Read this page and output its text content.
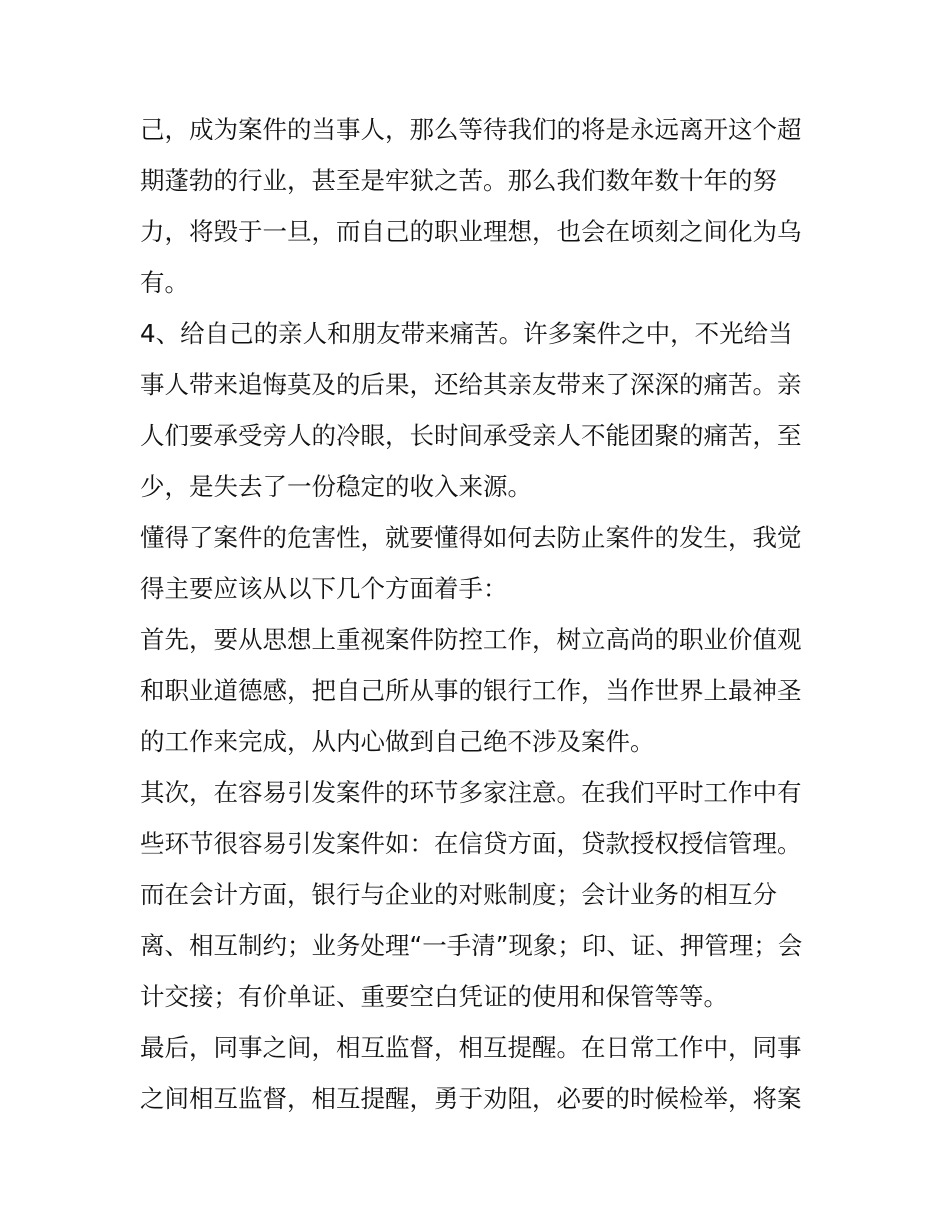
己，成为案件的当事人，那么等待我们的将是永远离开这个超
期蓬勃的行业，甚至是牢狱之苦。那么我们数年数十年的努
力，将毁于一旦，而自己的职业理想，也会在顷刻之间化为乌
有。
4、给自己的亲人和朋友带来痛苦。许多案件之中，不光给当
事人带来追悔莫及的后果，还给其亲友带来了深深的痛苦。亲
人们要承受旁人的冷眼，长时间承受亲人不能团聚的痛苦，至
少，是失去了一份稳定的收入来源。
懂得了案件的危害性，就要懂得如何去防止案件的发生，我觉
得主要应该从以下几个方面着手：
首先，要从思想上重视案件防控工作，树立高尚的职业价值观
和职业道德感，把自己所从事的银行工作，当作世界上最神圣
的工作来完成，从内心做到自己绝不涉及案件。
其次，在容易引发案件的环节多家注意。在我们平时工作中有
些环节很容易引发案件如：在信贷方面，贷款授权授信管理。
而在会计方面，银行与企业的对账制度；会计业务的相互分
离、相互制约；业务处理“一手清”现象；印、证、押管理；会
计交接；有价单证、重要空白凭证的使用和保管等等。
最后，同事之间，相互监督，相互提醒。在日常工作中，同事
之间相互监督，相互提醒，勇于劝阻，必要的时候检举，将案
